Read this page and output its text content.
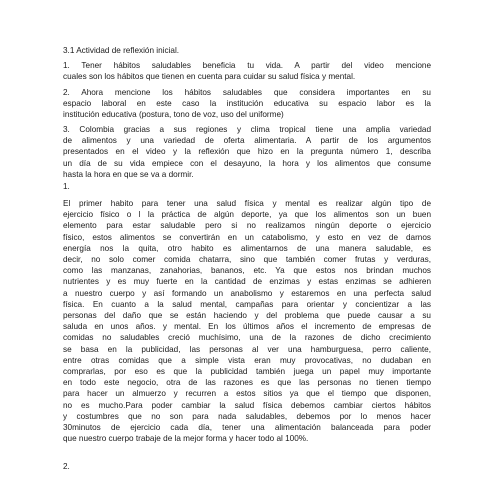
3.1 Actividad de reflexión inicial.

1. Tener hábitos saludables beneficia tu vida. A partir del video mencione
cuales son los hábitos que tienen en cuenta para cuidar su salud física y mental.

2. Ahora mencione los hábitos saludables que considera importantes en su
espacio laboral en este caso la institución educativa su espacio labor es la
institución educativa (postura, tono de voz, uso del uniforme)

3. Colombia gracias a sus regiones y clima tropical tiene una amplia variedad
de alimentos y una variedad de oferta alimentaria. A partir de los argumentos
presentados en el video y la reflexión que hizo en la pregunta número 1, describa
un día de su vida empiece con el desayuno, la hora y los alimentos que consume
hasta la hora en que se va a dormir.

1.

El primer habito para tener una salud física y mental es realizar algún tipo de
ejercicio físico o l la práctica de algún deporte, ya que los alimentos son un buen
elemento para estar saludable pero si no realizamos ningún deporte o ejercicio
físico, estos alimentos se convertirán en un catabolismo, y esto en vez de darnos
energía nos la quita, otro habito es alimentarnos de una manera saludable, es
decir, no solo comer comida chatarra, sino que también comer frutas y verduras,
como las manzanas, zanahorias, bananos, etc. Ya que estos nos brindan muchos
nutrientes y es muy fuerte en la cantidad de enzimas y estas enzimas se adhieren
a nuestro cuerpo y así formando un anabolismo y estaremos en una perfecta salud
física. En cuanto a la salud mental, campañas para orientar y concientizar a las
personas del daño que se están haciendo y del problema que puede causar a su
saluda en unos años. y mental. En los últimos años el incremento de empresas de
comidas no saludables creció muchísimo, una de la razones de dicho crecimiento
se basa en la publicidad, las personas al ver una hamburguesa, perro caliente,
entre otras comidas que a simple vista eran muy provocativas, no dudaban en
comprarlas, por eso es que la publicidad también juega un papel muy importante
en todo este negocio, otra de las razones es que las personas no tienen tiempo
para hacer un almuerzo y recurren a estos sitios ya que el tiempo que disponen,
no es mucho.Para poder cambiar la salud física debemos cambiar ciertos hábitos
y costumbres que no son para nada saludables, debemos por lo menos hacer
30minutos de ejercicio cada día, tener una alimentación balanceada para poder
que nuestro cuerpo trabaje de la mejor forma y hacer todo al 100%.

2.
